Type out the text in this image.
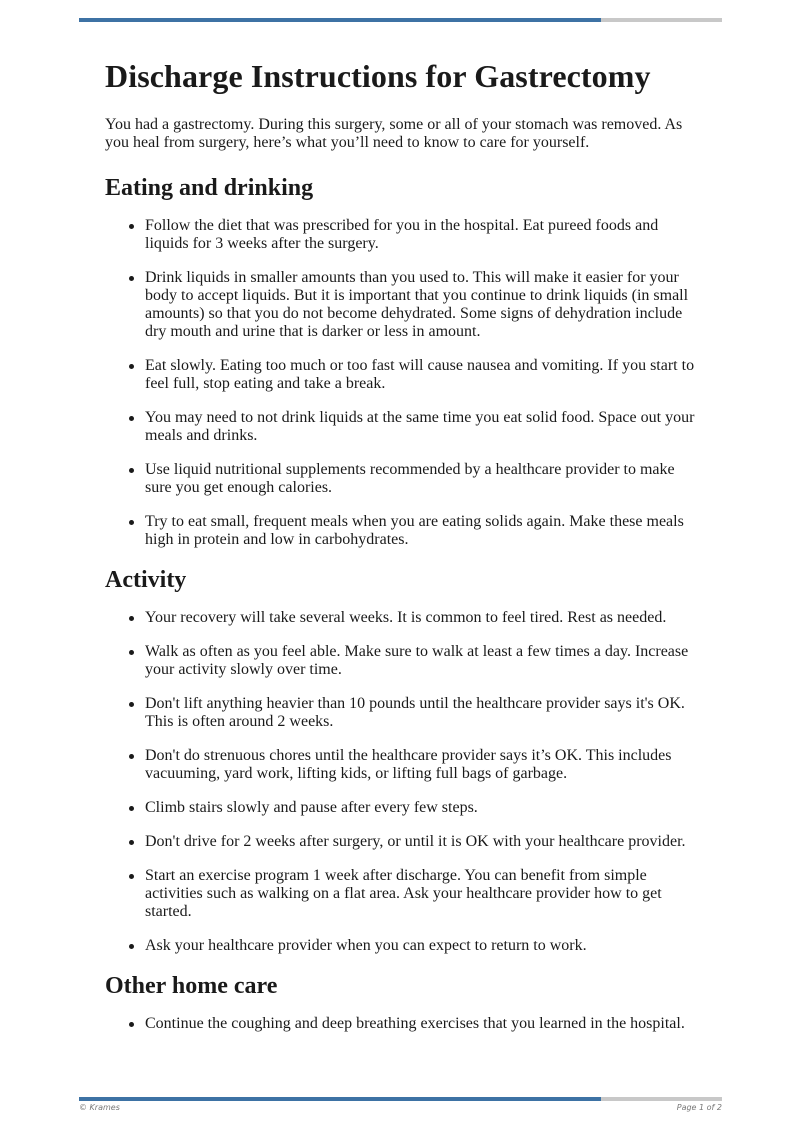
Discharge Instructions for Gastrectomy

You had a gastrectomy. During this surgery, some or all of your stomach was removed. As you heal from surgery, here’s what you’ll need to know to care for yourself.

Eating and drinking
Follow the diet that was prescribed for you in the hospital. Eat pureed foods and liquids for 3 weeks after the surgery.
Drink liquids in smaller amounts than you used to. This will make it easier for your body to accept liquids. But it is important that you continue to drink liquids (in small amounts) so that you do not become dehydrated. Some signs of dehydration include dry mouth and urine that is darker or less in amount.
Eat slowly. Eating too much or too fast will cause nausea and vomiting. If you start to feel full, stop eating and take a break.
You may need to not drink liquids at the same time you eat solid food. Space out your meals and drinks.
Use liquid nutritional supplements recommended by a healthcare provider to make sure you get enough calories.
Try to eat small, frequent meals when you are eating solids again. Make these meals high in protein and low in carbohydrates.
Activity
Your recovery will take several weeks. It is common to feel tired. Rest as needed.
Walk as often as you feel able. Make sure to walk at least a few times a day. Increase your activity slowly over time.
Don't lift anything heavier than 10 pounds until the healthcare provider says it's OK. This is often around 2 weeks.
Don't do strenuous chores until the healthcare provider says it’s OK. This includes vacuuming, yard work, lifting kids, or lifting full bags of garbage.
Climb stairs slowly and pause after every few steps.
Don't drive for 2 weeks after surgery, or until it is OK with your healthcare provider.
Start an exercise program 1 week after discharge. You can benefit from simple activities such as walking on a flat area. Ask your healthcare provider how to get started.
Ask your healthcare provider when you can expect to return to work.
Other home care
Continue the coughing and deep breathing exercises that you learned in the hospital.
© Krames	Page 1 of 2
